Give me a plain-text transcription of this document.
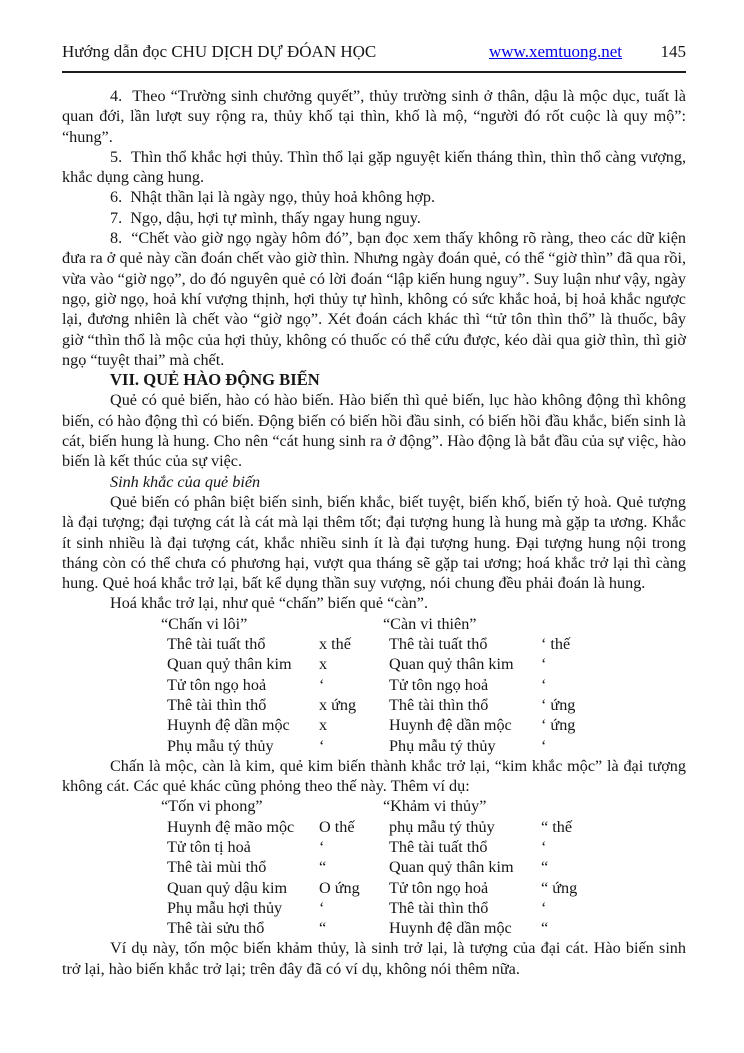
Hướng dẫn đọc CHU DỊCH DỰ ĐÓAN HỌC	www.xemtuong.net	145

4.  Theo “Trường sinh chưởng quyết”, thủy trường sinh ở thân, dậu là mộc dục, tuất là quan đới, lần lượt suy rộng ra, thủy khố tại thìn, khố là mộ, “người đó rốt cuộc là quy mộ”: “hung”.

5.  Thìn thổ khắc hợi thủy. Thìn thổ lại gặp nguyệt kiến tháng thìn, thìn thổ càng vượng, khắc dụng càng hung.

6.  Nhật thần lại là ngày ngọ, thủy hoả không hợp.

7.  Ngọ, dậu, hợi tự mình, thấy ngay hung nguy.

8.  “Chết vào giờ ngọ ngày hôm đó”, bạn đọc xem thấy không rõ ràng, theo các dữ kiện đưa ra ở quẻ này cần đoán chết vào giờ thìn. Nhưng ngày đoán quẻ, có thể “giờ thìn” đã qua rồi, vừa vào “giờ ngọ”, do đó nguyên quẻ có lời đoán “lập kiến hung nguy”. Suy luận như vậy, ngày ngọ, giờ ngọ, hoả khí vượng thịnh, hợi thủy tự hình, không có sức khắc hoả, bị hoả khắc ngược lại, đương nhiên là chết vào “giờ ngọ”. Xét đoán cách khác thì “tử tôn thìn thổ” là thuốc, bây giờ “thìn thổ là mộc của hợi thủy, không có thuốc có thể cứu được, kéo dài qua giờ thìn, thì giờ ngọ “tuyệt thai” mà chết.

VII. QUẺ HÀO ĐỘNG BIẾN

Quẻ có quẻ biến, hào có hào biến. Hào biến thì quẻ biến, lục hào không động thì không biến, có hào động thì có biến. Động biến có biến hồi đầu sinh, có biến hồi đầu khắc, biến sinh là cát, biến hung là hung. Cho nên “cát hung sinh ra ở động”. Hào động là bắt đầu của sự việc, hào biến là kết thúc của sự việc.

Sinh khắc của quẻ biến

Quẻ biến có phân biệt biến sinh, biến khắc, biết tuyệt, biến khố, biến tỷ hoà. Quẻ tượng là đại tượng; đại tượng cát là cát mà lại thêm tốt; đại tượng hung là hung mà gặp ta ương. Khắc ít sinh nhiều là đại tượng cát, khắc nhiều sinh ít là đại tượng hung. Đại tượng hung nội trong tháng còn có thể chưa có phương hại, vượt qua tháng sẽ gặp tai ương; hoá khắc trở lại thì càng hung. Quẻ hoá khắc trở lại, bất kể dụng thần suy vượng, nói chung đều phải đoán là hung.

Hoá khắc trở lại, như quẻ “chấn” biến quẻ “càn”.

“Chấn vi lôi”	“Càn vi thiên”
Thê tài tuất thổ	x thế	Thê tài tuất thổ	‘ thế
Quan quỷ thân kim	x	Quan quỷ thân kim	‘
Tử tôn ngọ hoả	‘	Tử tôn ngọ hoả	‘
Thê tài thìn thổ	x ứng	Thê tài thìn thổ	‘ ứng
Huynh đệ dần mộc	x	Huynh đệ dần mộc	‘ ứng
Phụ mẫu tý thủy	‘	Phụ mẫu tý thủy	‘

Chấn là mộc, càn là kim, quẻ kim biến thành khắc trở lại, “kim khắc mộc” là đại tượng không cát. Các quẻ khác cũng phỏng theo thế này. Thêm ví dụ:

“Tốn vi phong”	“Khảm vi thủy”
Huynh đệ mão mộc	O thế	phụ mẫu tý thủy	“ thế
Tử tôn tị hoả	‘	Thê tài tuất thổ	‘
Thê tài mùi thổ	“	Quan quỷ thân kim	“
Quan quỷ dậu kim	O ứng	Tử tôn ngọ hoả	“ ứng
Phụ mẫu hợi thủy	‘	Thê tài thìn thổ	‘
Thê tài sửu thổ	“	Huynh đệ dần mộc	“

Ví dụ này, tốn mộc biến khảm thủy, là sinh trở lại, là tượng của đại cát. Hào biến sinh trở lại, hào biến khắc trở lại; trên đây đã có ví dụ, không nói thêm nữa.
